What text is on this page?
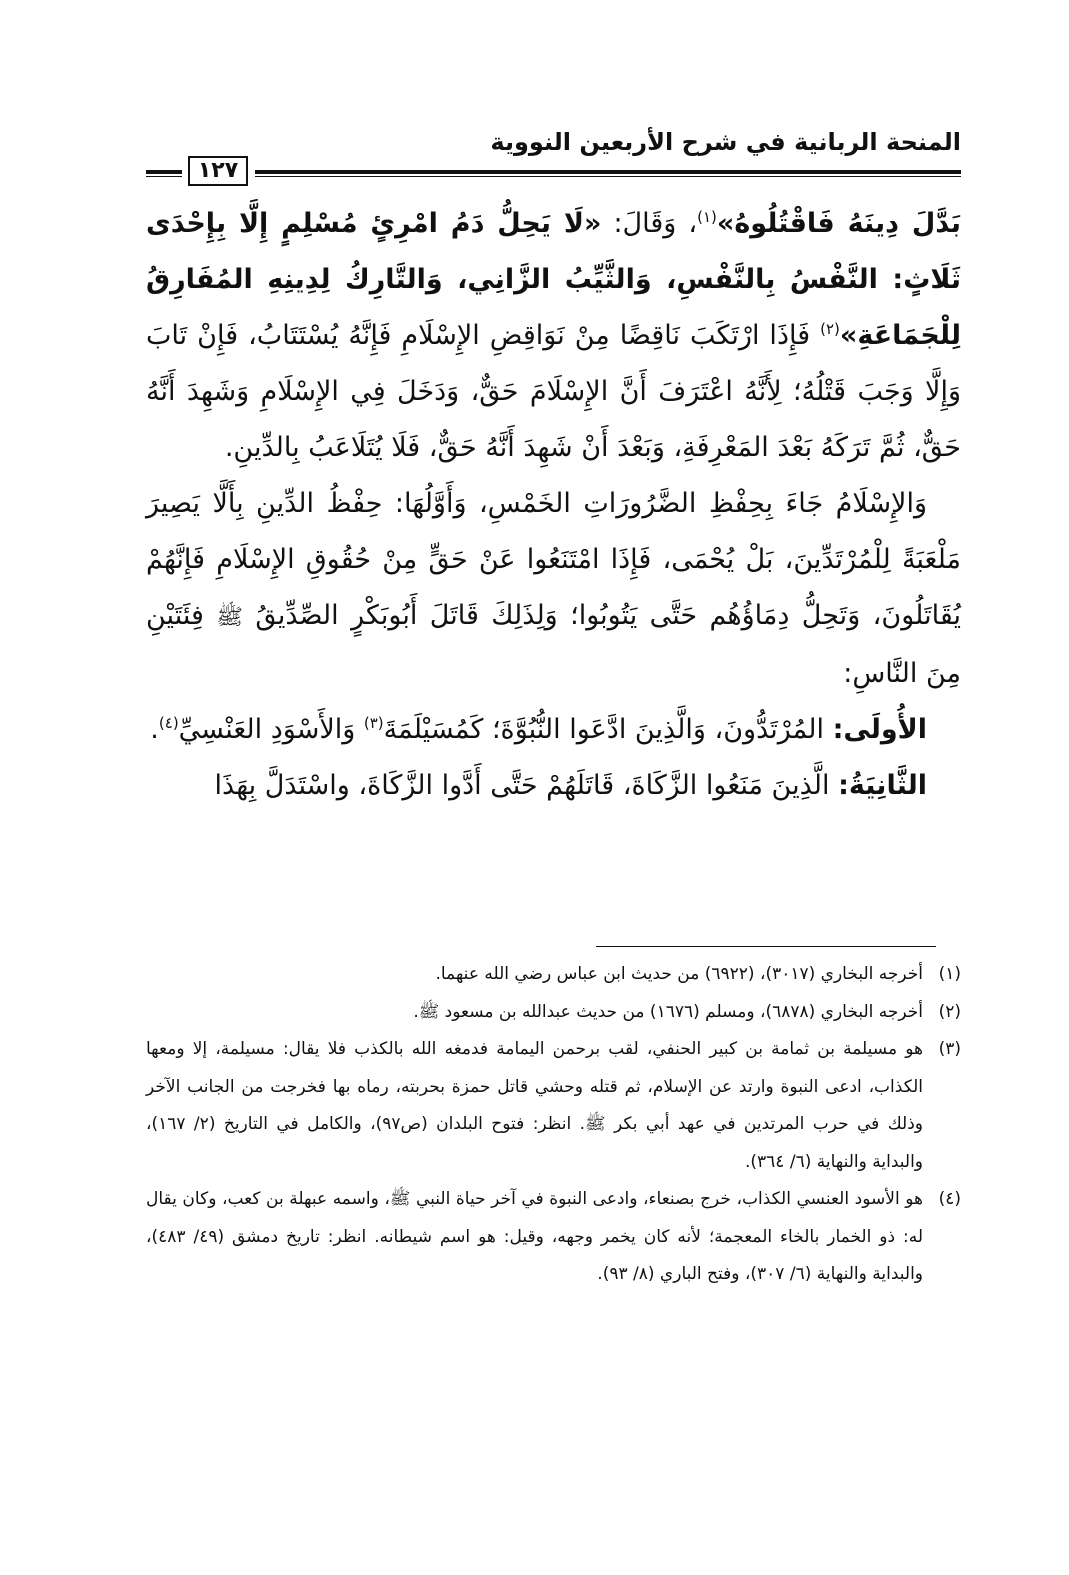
المنحة الربانية في شرح الأربعين النووية
١٢٧

بَدَّلَ دِينَهُ فَاقْتُلُوهُ»$^{(١)}$، وَقَالَ: «لَا يَحِلُّ دَمُ امْرِئٍ مُسْلِمٍ إِلَّا بِإِحْدَى ثَلَاثٍ: النَّفْسُ بِالنَّفْسِ، وَالثَّيِّبُ الزَّانِي، وَالتَّارِكُ لِدِينِهِ المُفَارِقُ لِلْجَمَاعَةِ»$^{(٢)}$ فَإِذَا ارْتَكَبَ نَاقِضًا مِنْ نَوَاقِضِ الإِسْلَامِ فَإِنَّهُ يُسْتَتَابُ، فَإِنْ تَابَ وَإِلَّا وَجَبَ قَتْلُهُ؛ لِأَنَّهُ اعْتَرَفَ أَنَّ الإِسْلَامَ حَقٌّ، وَدَخَلَ فِي الإِسْلَامِ وَشَهِدَ أَنَّهُ حَقٌّ، ثُمَّ تَرَكَهُ بَعْدَ المَعْرِفَةِ، وَبَعْدَ أَنْ شَهِدَ أَنَّهُ حَقٌّ، فَلَا يُتَلَاعَبُ بِالدِّينِ.

وَالإِسْلَامُ جَاءَ بِحِفْظِ الضَّرُورَاتِ الخَمْسِ، وَأَوَّلُهَا: حِفْظُ الدِّينِ بِأَلَّا يَصِيرَ مَلْعَبَةً لِلْمُرْتَدِّينَ، بَلْ يُحْمَى، فَإِذَا امْتَنَعُوا عَنْ حَقٍّ مِنْ حُقُوقِ الإِسْلَامِ فَإِنَّهُمْ يُقَاتَلُونَ، وَتَحِلُّ دِمَاؤُهُم حَتَّى يَتُوبُوا؛ وَلِذَلِكَ قَاتَلَ أَبُوبَكْرٍ الصِّدِّيقُ ﷺ فِئَتَيْنِ مِنَ النَّاسِ:

الأُولَى: المُرْتَدُّونَ، وَالَّذِينَ ادَّعَوا النُّبُوَّةَ؛ كَمُسَيْلَمَةَ$^{(٣)}$ وَالأَسْوَدِ العَنْسِيِّ$^{(٤)}$.

الثَّانِيَةُ: الَّذِينَ مَنَعُوا الزَّكَاةَ، قَاتَلَهُمْ حَتَّى أَدَّوا الزَّكَاةَ، واسْتَدَلَّ بِهَذَا

(١)
أخرجه البخاري (٣٠١٧)، (٦٩٢٢) من حديث ابن عباس رضي الله عنهما.
(٢)
أخرجه البخاري (٦٨٧٨)، ومسلم (١٦٧٦) من حديث عبدالله بن مسعود ﷺ.
(٣)
هو مسيلمة بن ثمامة بن كبير الحنفي، لقب برحمن اليمامة فدمغه الله بالكذب فلا يقال: مسيلمة، إلا ومعها الكذاب، ادعى النبوة وارتد عن الإسلام، ثم قتله وحشي قاتل حمزة بحربته، رماه بها فخرجت من الجانب الآخر وذلك في حرب المرتدين في عهد أبي بكر ﷺ. انظر: فتوح البلدان (ص٩٧)، والكامل في التاريخ (٢/ ١٦٧)، والبداية والنهاية (٦/ ٣٦٤).
(٤)
هو الأسود العنسي الكذاب، خرج بصنعاء، وادعى النبوة في آخر حياة النبي ﷺ، واسمه عبهلة بن كعب، وكان يقال له: ذو الخمار بالخاء المعجمة؛ لأنه كان يخمر وجهه، وقيل: هو اسم شيطانه. انظر: تاريخ دمشق (٤٩/ ٤٨٣)، والبداية والنهاية (٦/ ٣٠٧)، وفتح الباري (٨/ ٩٣).
